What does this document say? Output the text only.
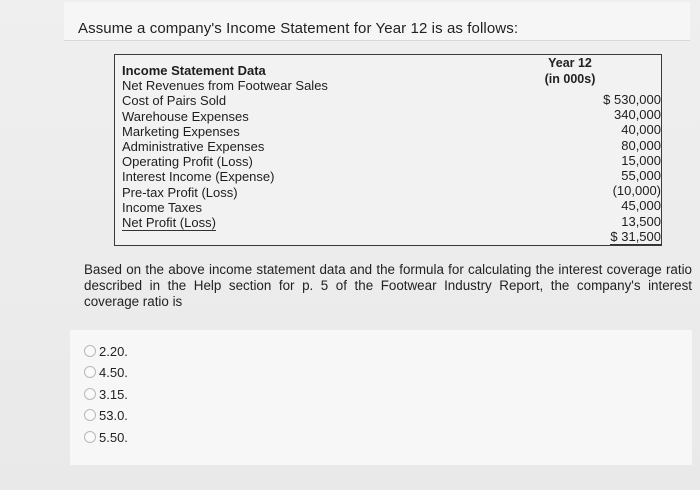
Assume a company's Income Statement for Year 12 is as follows:
Year 12
(in 000s)
Income Statement Data
Net Revenues from Footwear Sales
Cost of Pairs Sold
Warehouse Expenses
Marketing Expenses
Administrative Expenses
Operating Profit (Loss)
Interest Income (Expense)
Pre-tax Profit (Loss)
Income Taxes
Net Profit (Loss)
$ 530,000
340,000
40,000
80,000
15,000
55,000
(10,000)
45,000
13,500
$ 31,500
Based on the above income statement data and the formula for calculating the interest coverage ratio described in the Help section for p. 5 of the Footwear Industry Report, the company's interest coverage ratio is
2.20.
4.50.
3.15.
53.0.
5.50.
